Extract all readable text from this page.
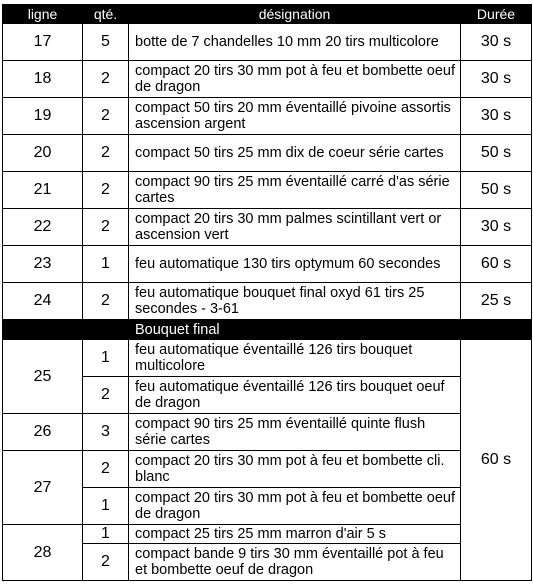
ligne	qté.	désignation	Durée
17	5	botte de 7 chandelles 10 mm 20 tirs multicolore	30 s
18	2	compact 20 tirs 30 mm pot à feu et bombette oeuf de dragon	30 s
19	2	compact 50 tirs 20 mm éventaillé pivoine assortis ascension argent	30 s
20	2	compact 50 tirs 25 mm dix de coeur série cartes	50 s
21	2	compact 90 tirs 25 mm éventaillé carré d'as série cartes	50 s
22	2	compact 20 tirs 30 mm palmes scintillant vert or ascension vert	30 s
23	1	feu automatique 130 tirs optymum 60 secondes	60 s
24	2	feu automatique bouquet final oxyd 61 tirs 25 secondes - 3-61	25 s
		Bouquet final	
25	1	feu automatique éventaillé 126 tirs bouquet multicolore	60 s
	2	feu automatique éventaillé 126 tirs bouquet oeuf de dragon	
26	3	compact 90 tirs 25 mm éventaillé quinte flush série cartes	
27	2	compact 20 tirs 30 mm pot à feu et bombette cli. blanc	
	1	compact 20 tirs 30 mm pot à feu et bombette oeuf de dragon	
28	1	compact 25 tirs 25 mm marron d'air 5 s	
	2	compact bande 9 tirs 30 mm éventaillé pot à feu et bombette oeuf de dragon	
